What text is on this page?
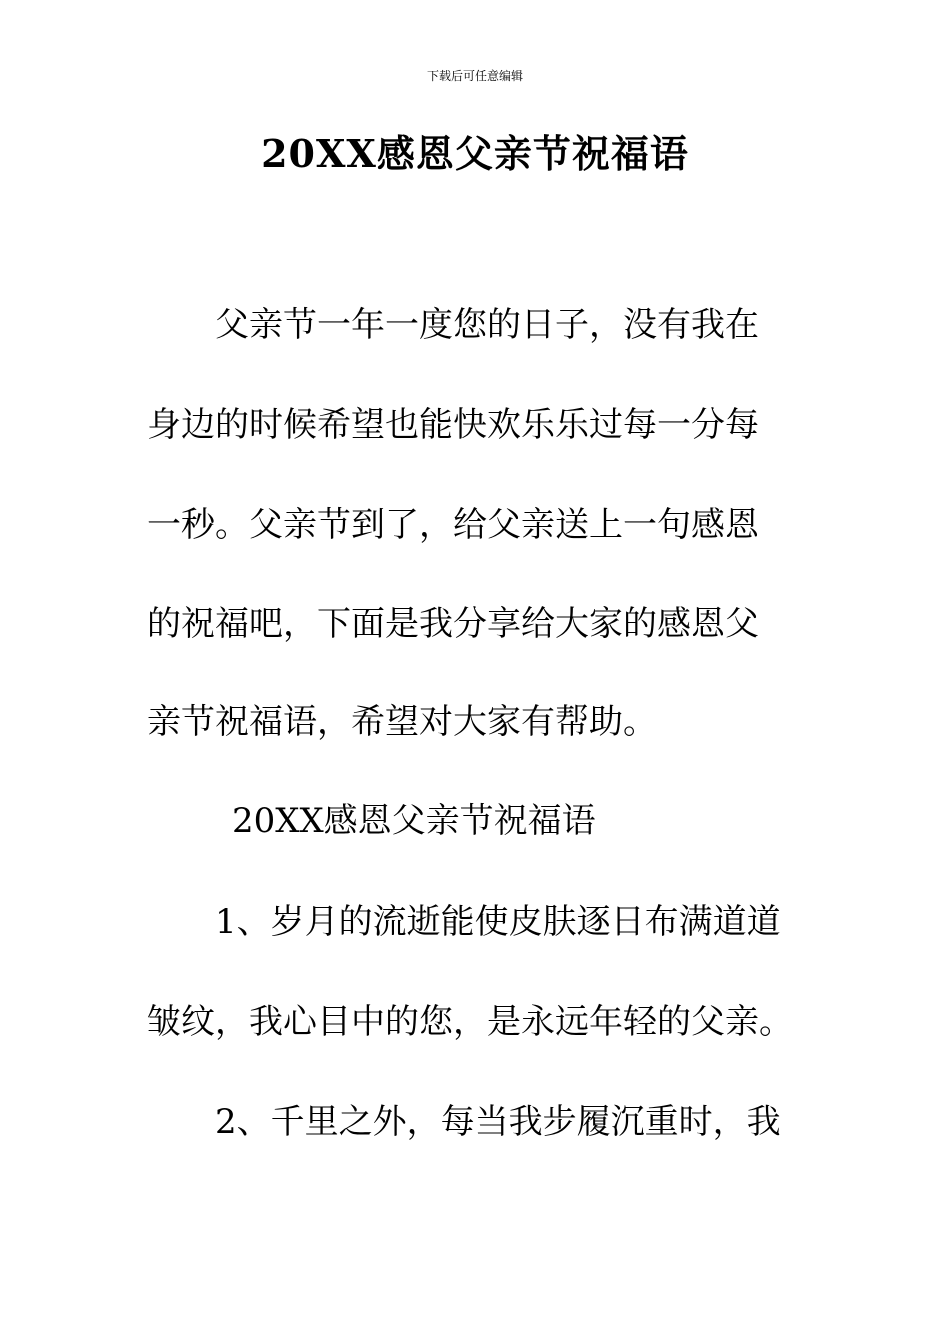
下载后可任意编辑
20XX感恩父亲节祝福语

父亲节一年一度您的日子，没有我在

身边的时候希望也能快欢乐乐过每一分每

一秒。父亲节到了，给父亲送上一句感恩

的祝福吧，下面是我分享给大家的感恩父

亲节祝福语，希望对大家有帮助。

20XX感恩父亲节祝福语

1、岁月的流逝能使皮肤逐日布满道道

皱纹，我心目中的您，是永远年轻的父亲。

2、千里之外，每当我步履沉重时，我
